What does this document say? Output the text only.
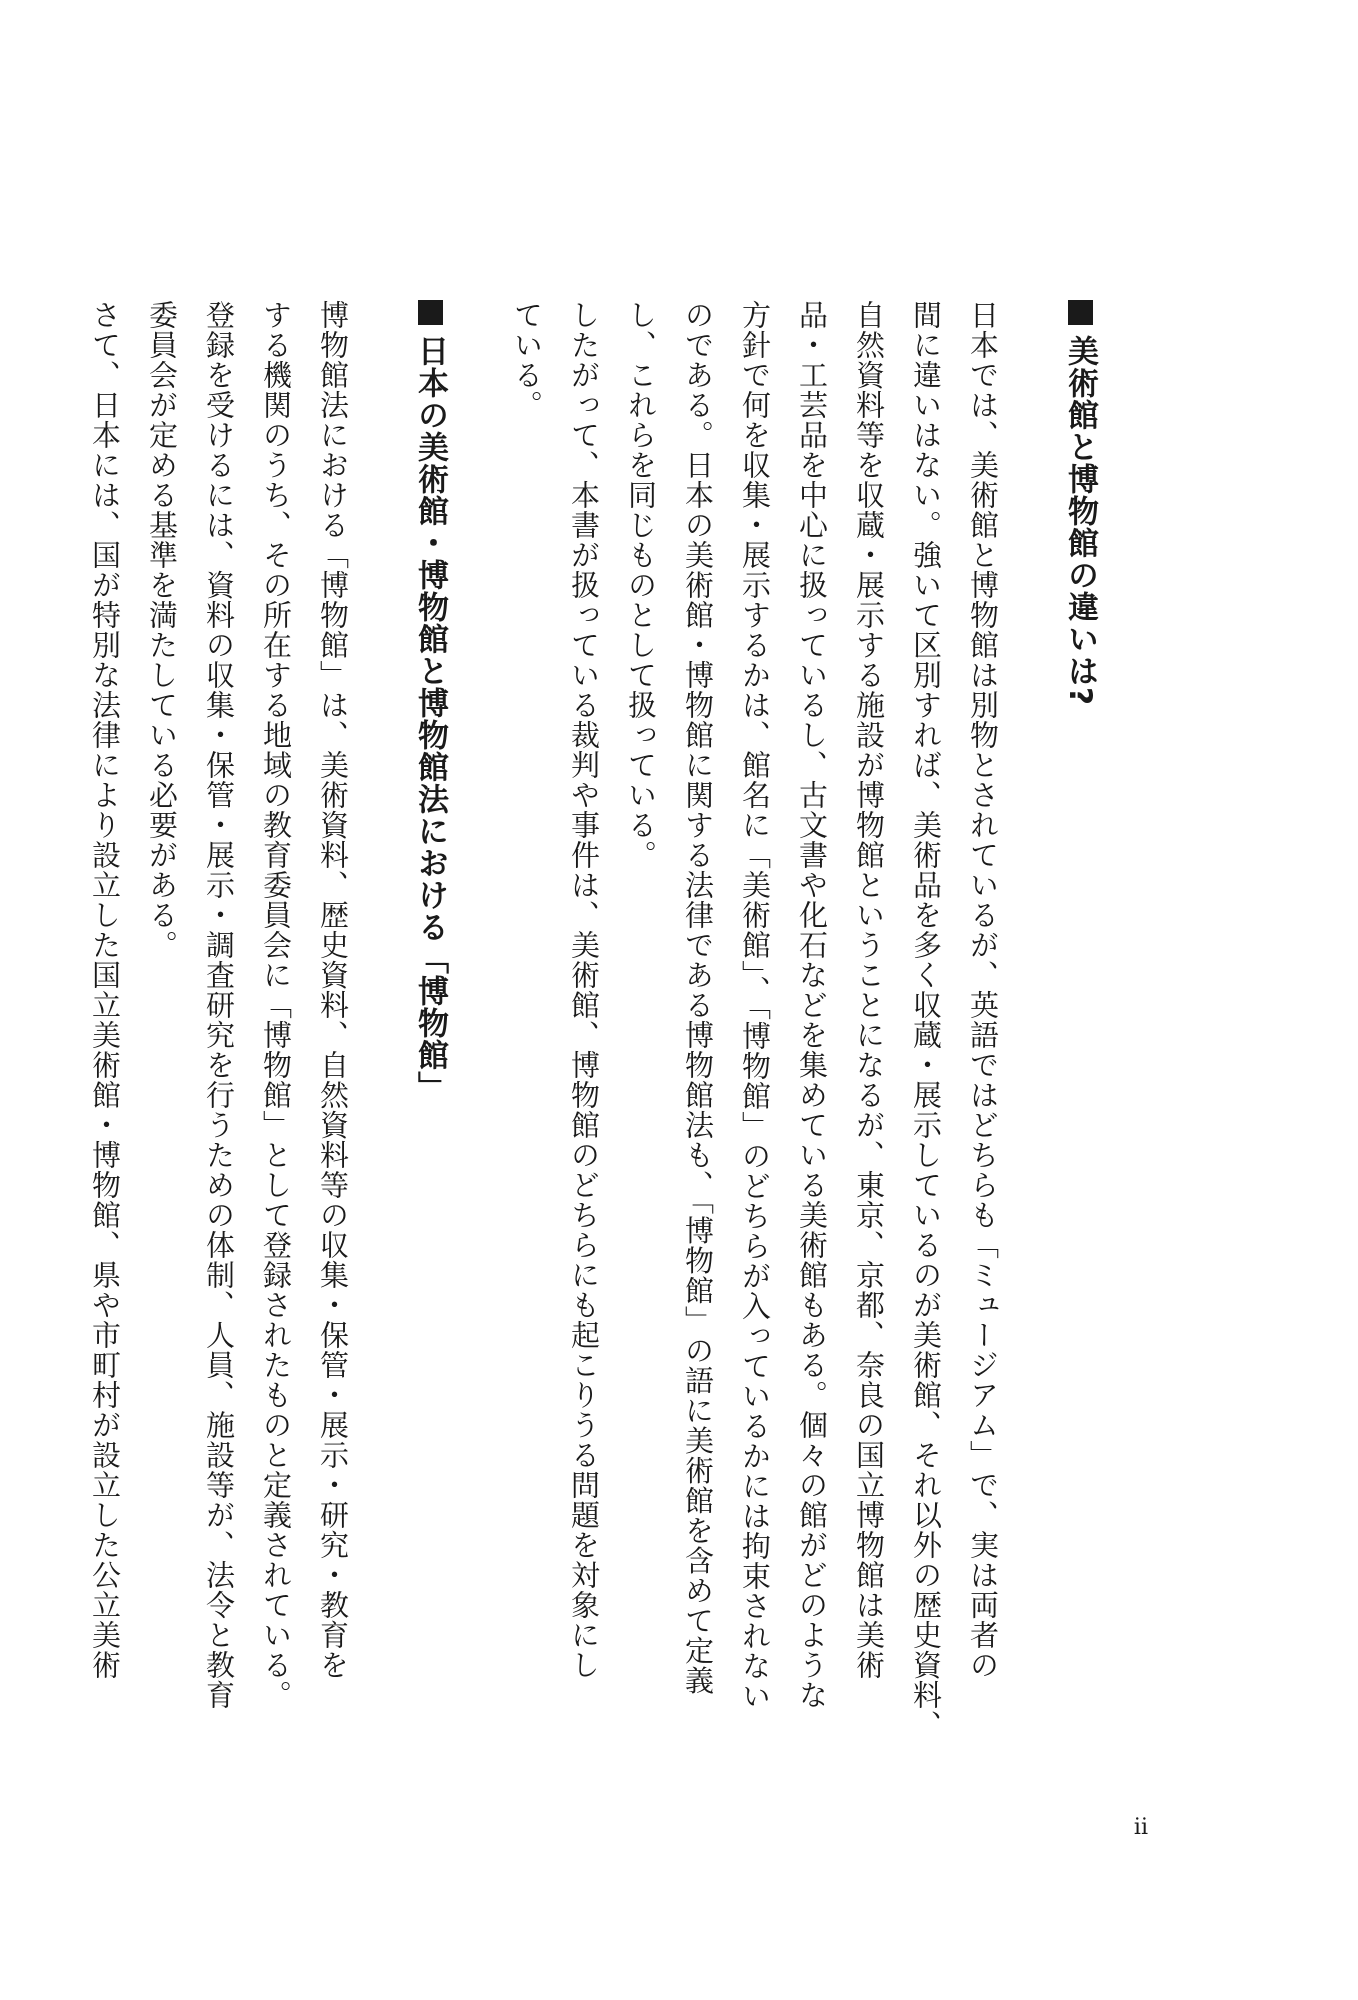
美術館と博物館の違いは?
日本では、美術館と博物館は別物とされているが、英語ではどちらも「ミュージアム」で、実は両者の
間に違いはない。強いて区別すれば、美術品を多く収蔵・展示しているのが美術館、それ以外の歴史資料、
自然資料等を収蔵・展示する施設が博物館ということになるが、東京、京都、奈良の国立博物館は美術
品・工芸品を中心に扱っているし、古文書や化石などを集めている美術館もある。個々の館がどのような
方針で何を収集・展示するかは、館名に「美術館」、「博物館」のどちらが入っているかには拘束されない
のである。日本の美術館・博物館に関する法律である博物館法も、「博物館」の語に美術館を含めて定義
し、これらを同じものとして扱っている。
したがって、本書が扱っている裁判や事件は、美術館、博物館のどちらにも起こりうる問題を対象にし
ている。
日本の美術館・博物館と博物館法における「博物館」
博物館法における「博物館」は、美術資料、歴史資料、自然資料等の収集・保管・展示・研究・教育を
する機関のうち、その所在する地域の教育委員会に「博物館」として登録されたものと定義されている。
登録を受けるには、資料の収集・保管・展示・調査研究を行うための体制、人員、施設等が、法令と教育
委員会が定める基準を満たしている必要がある。
さて、日本には、国が特別な法律により設立した国立美術館・博物館、県や市町村が設立した公立美術
ii
